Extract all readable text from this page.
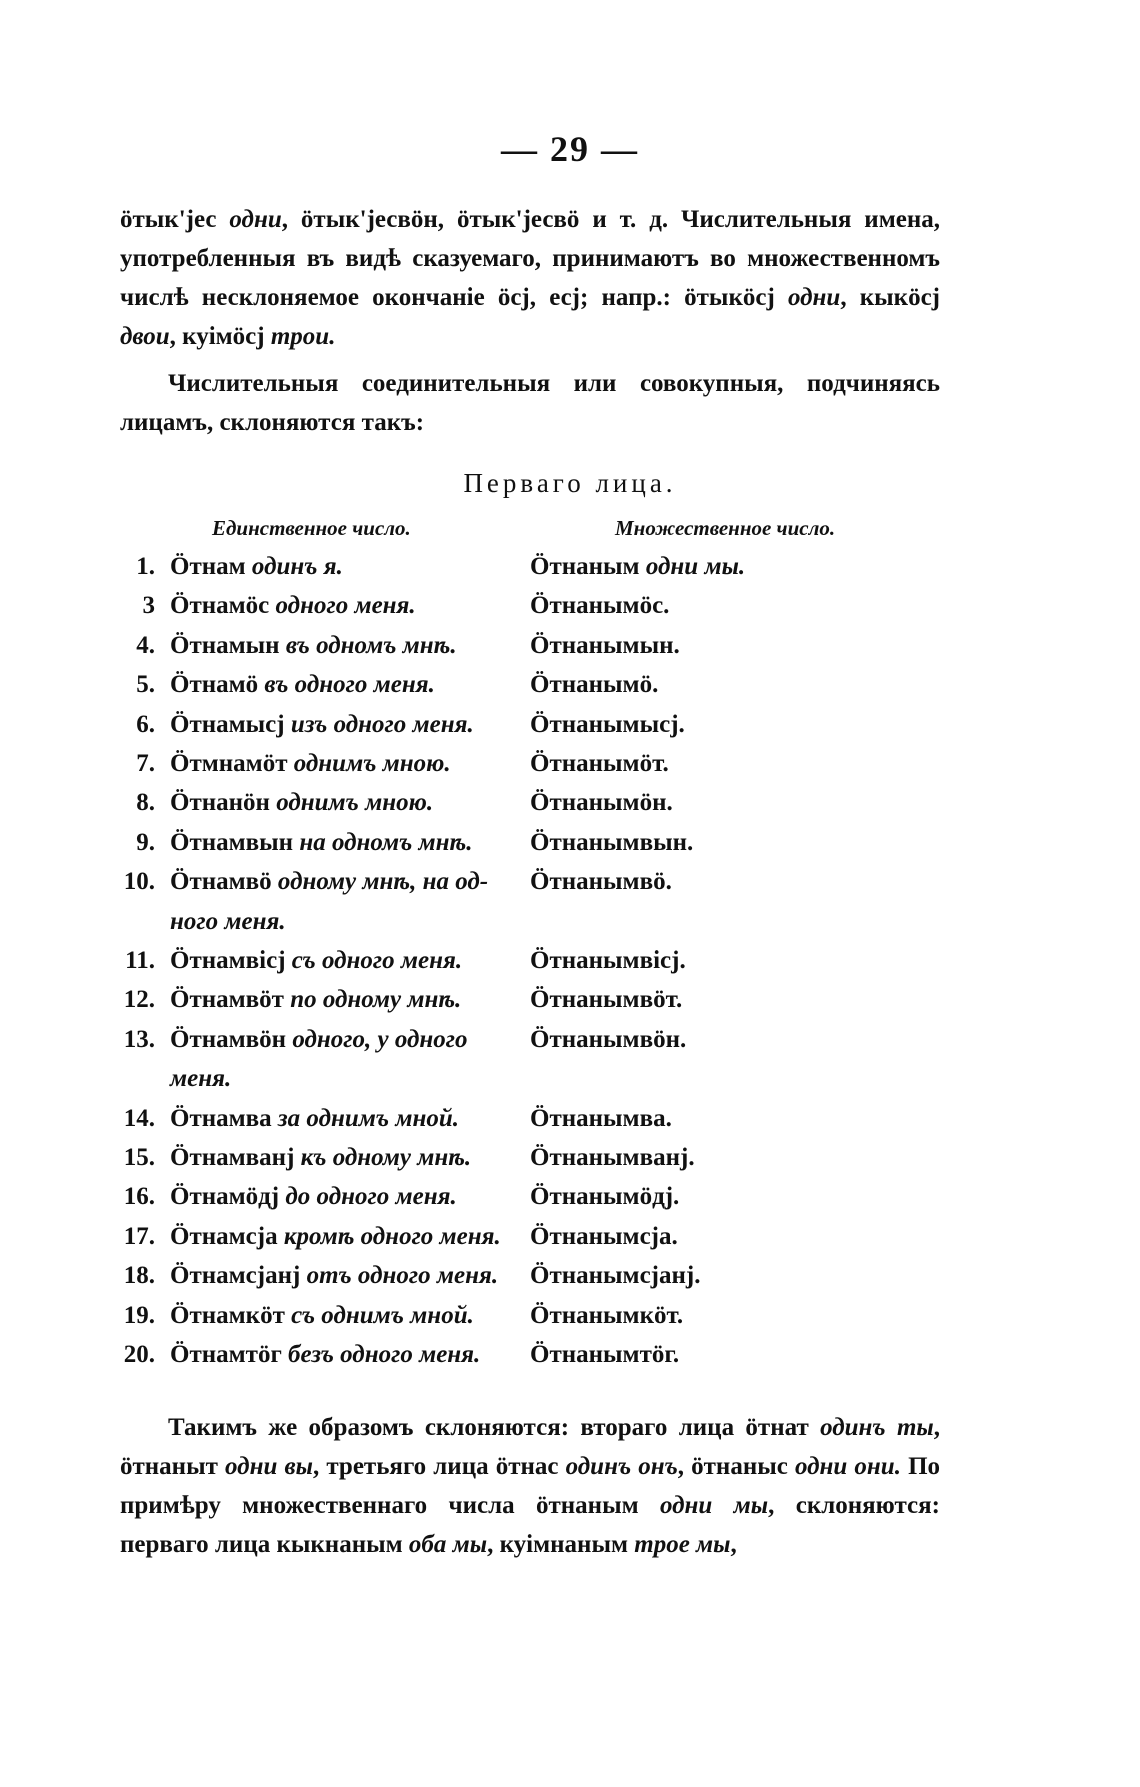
— 29 —

ӧтык'јес одни, ӧтык'јесвӧн, ӧтык'јесвӧ и т. д. Числительныя имена, употребленныя въ видѣ сказуемаго, принимаютъ во множественномъ числѣ несклоняемое окончаніе ӧсј, есј; напр.: ӧтыкӧсј одни, кыкӧсј двои, куімӧсј трои.

Числительныя соединительныя или совокупныя, подчиняясь лицамъ, склоняются такъ:

Перваго лица.
Единственное число.	Множественное число.
1. Ӧтнам одинъ я.	Ӧтнаным одни мы.
3 Ӧтнамӧс одного меня.	Ӧтнанымӧс.
4. Ӧтнамын въ одномъ мнѣ.	Ӧтнанымын.
5. Ӧтнамӧ въ одного меня.	Ӧтнанымӧ.
6. Ӧтнамысј изъ одного меня.	Ӧтнанымысј.
7. Ӧтмнамӧт однимъ мною.	Ӧтнанымӧт.
8. Ӧтнанӧн однимъ мною.	Ӧтнанымӧн.
9. Ӧтнамвын на одномъ мнѣ.	Ӧтнанымвын.
10. Ӧтнамвӧ одному мнѣ, на од-	Ӧтнанымвӧ.
ного меня.
11. Ӧтнамвісј съ одного меня.	Ӧтнанымвісј.
12. Ӧтнамвӧт по одному мнѣ.	Ӧтнанымвӧт.
13. Ӧтнамвӧн одного, у одного	Ӧтнанымвӧн.
меня.
14. Ӧтнамва за однимъ мной.	Ӧтнанымва.
15. Ӧтнамванј къ одному мнѣ.	Ӧтнанымванј.
16. Ӧтнамӧдј до одного меня.	Ӧтнанымӧдј.
17. Ӧтнамсја кромѣ одного меня.	Ӧтнанымсја.
18. Ӧтнамсјанј отъ одного меня.	Ӧтнанымсјанј.
19. Ӧтнамкӧт съ однимъ мной.	Ӧтнанымкӧт.
20. Ӧтнамтӧг безъ одного меня.	Ӧтнанымтӧг.

Такимъ же образомъ склоняются: втораго лица ӧтнат одинъ ты, ӧтнаныт одни вы, третьяго лица ӧтнас одинъ онъ, ӧтнаныс одни они. По примѣру множественнаго числа ӧтнаным одни мы, склоняются: перваго лица кыкнаным оба мы, куімнаным трое мы,
